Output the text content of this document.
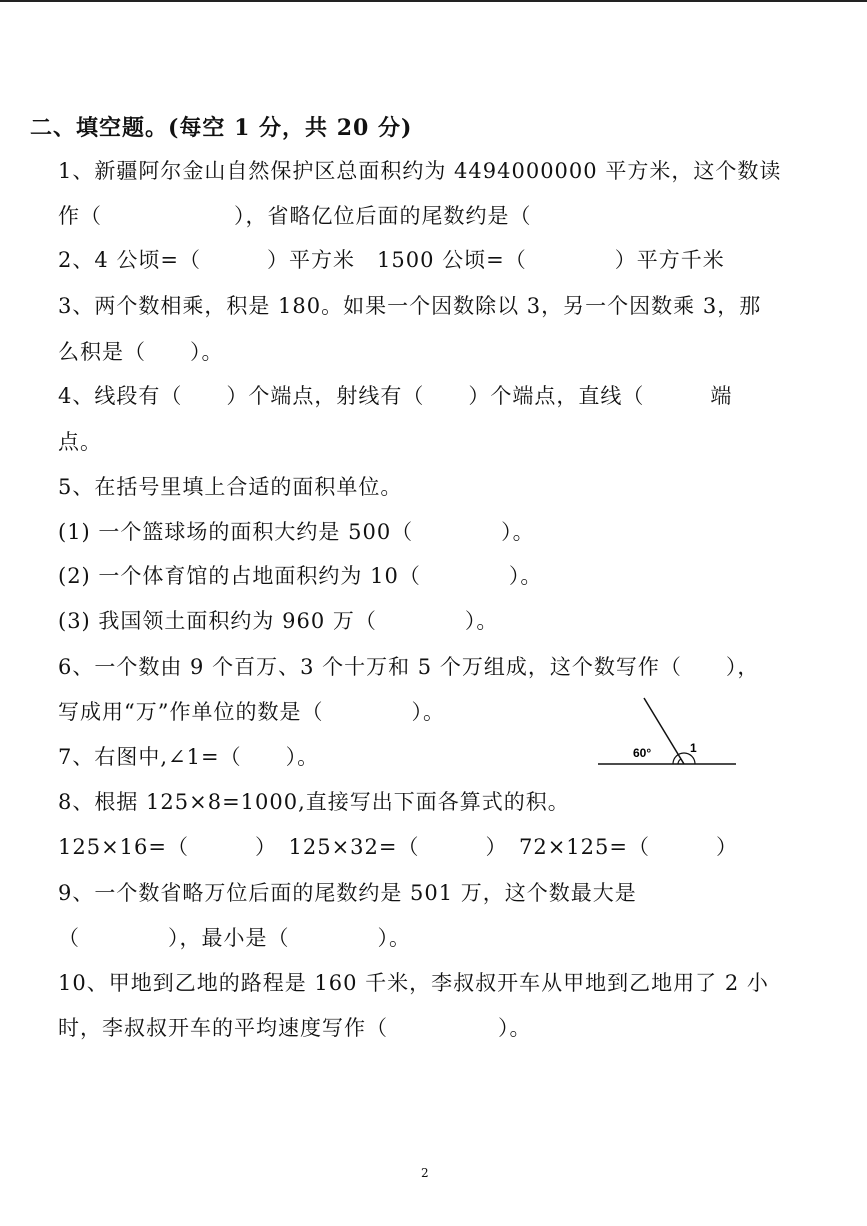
二、填空题。(每空 1 分，共 20 分)
1、新疆阿尔金山自然保护区总面积约为 4494000000 平方米，这个数读
作（　　　　　　），省略亿位后面的尾数约是（
2、4 公顷=（　　　）平方米　1500 公顷=（　　　　）平方千米
3、两个数相乘，积是 180。如果一个因数除以 3，另一个因数乘 3，那
么积是（　　）。
4、线段有（　　）个端点，射线有（　　）个端点，直线（　　　端
点。
5、在括号里填上合适的面积单位。
(1) 一个篮球场的面积大约是 500（　　　　）。
(2) 一个体育馆的占地面积约为 10（　　　　）。
(3) 我国领土面积约为 960 万（　　　　）。
6、一个数由 9 个百万、3 个十万和 5 个万组成，这个数写作（　　），
写成用“万”作单位的数是（　　　　）。
7、右图中,∠1=（　　）。
8、根据 125×8=1000,直接写出下面各算式的积。
125×16=（　　　）　125×32=（　　　）　72×125=（　　　）
9、一个数省略万位后面的尾数约是 501 万，这个数最大是
（　　　　），最小是（　　　　）。
10、甲地到乙地的路程是 160 千米，李叔叔开车从甲地到乙地用了 2 小
时，李叔叔开车的平均速度写作（　　　　　）。
60°	1
2
